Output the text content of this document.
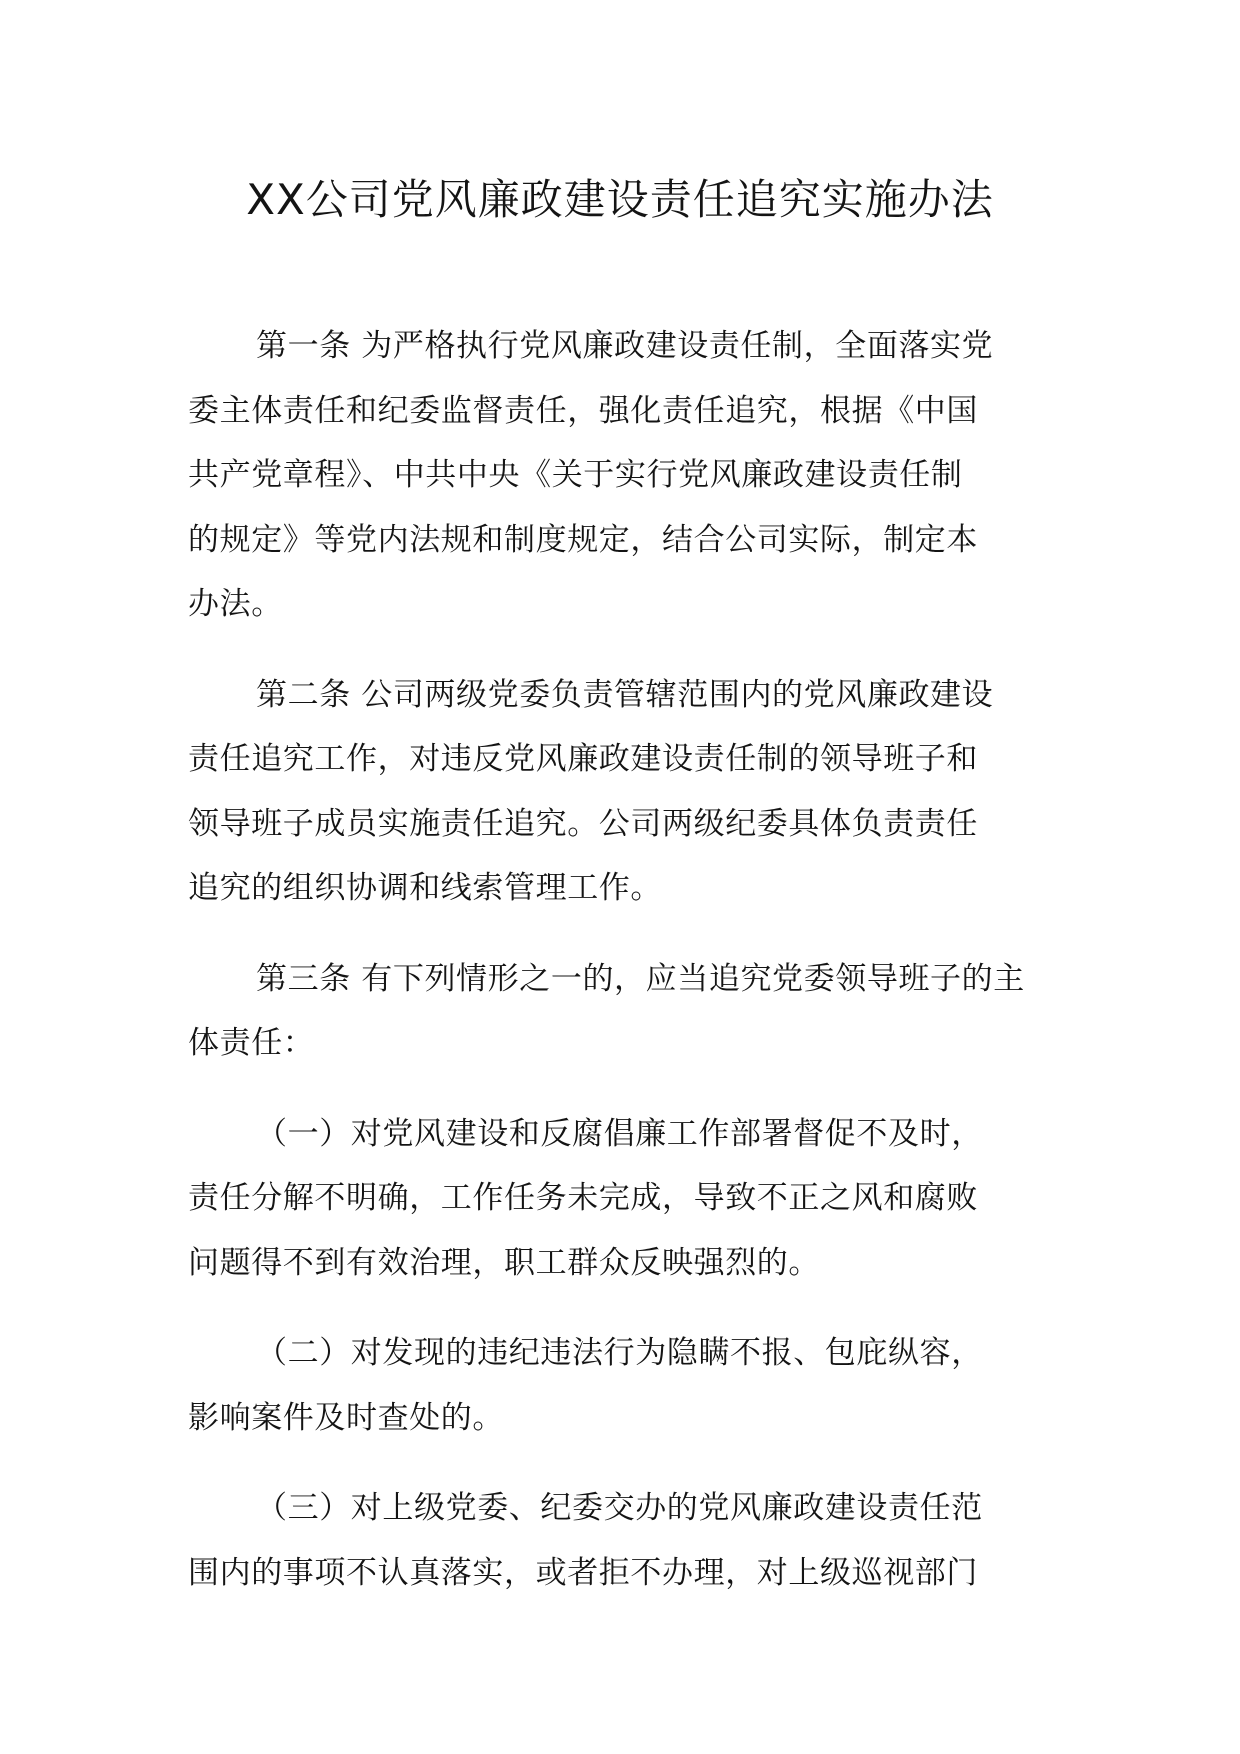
XX公司党风廉政建设责任追究实施办法

第一条 为严格执行党风廉政建设责任制，全面落实党
委主体责任和纪委监督责任，强化责任追究，根据《中国
共产党章程》、中共中央《关于实行党风廉政建设责任制
的规定》等党内法规和制度规定，结合公司实际，制定本
办法。

第二条 公司两级党委负责管辖范围内的党风廉政建设
责任追究工作，对违反党风廉政建设责任制的领导班子和
领导班子成员实施责任追究。公司两级纪委具体负责责任
追究的组织协调和线索管理工作。

第三条 有下列情形之一的，应当追究党委领导班子的主
体责任：

（一）对党风建设和反腐倡廉工作部署督促不及时，
责任分解不明确，工作任务未完成，导致不正之风和腐败
问题得不到有效治理，职工群众反映强烈的。

（二）对发现的违纪违法行为隐瞒不报、包庇纵容，
影响案件及时查处的。

（三）对上级党委、纪委交办的党风廉政建设责任范
围内的事项不认真落实，或者拒不办理，对上级巡视部门
